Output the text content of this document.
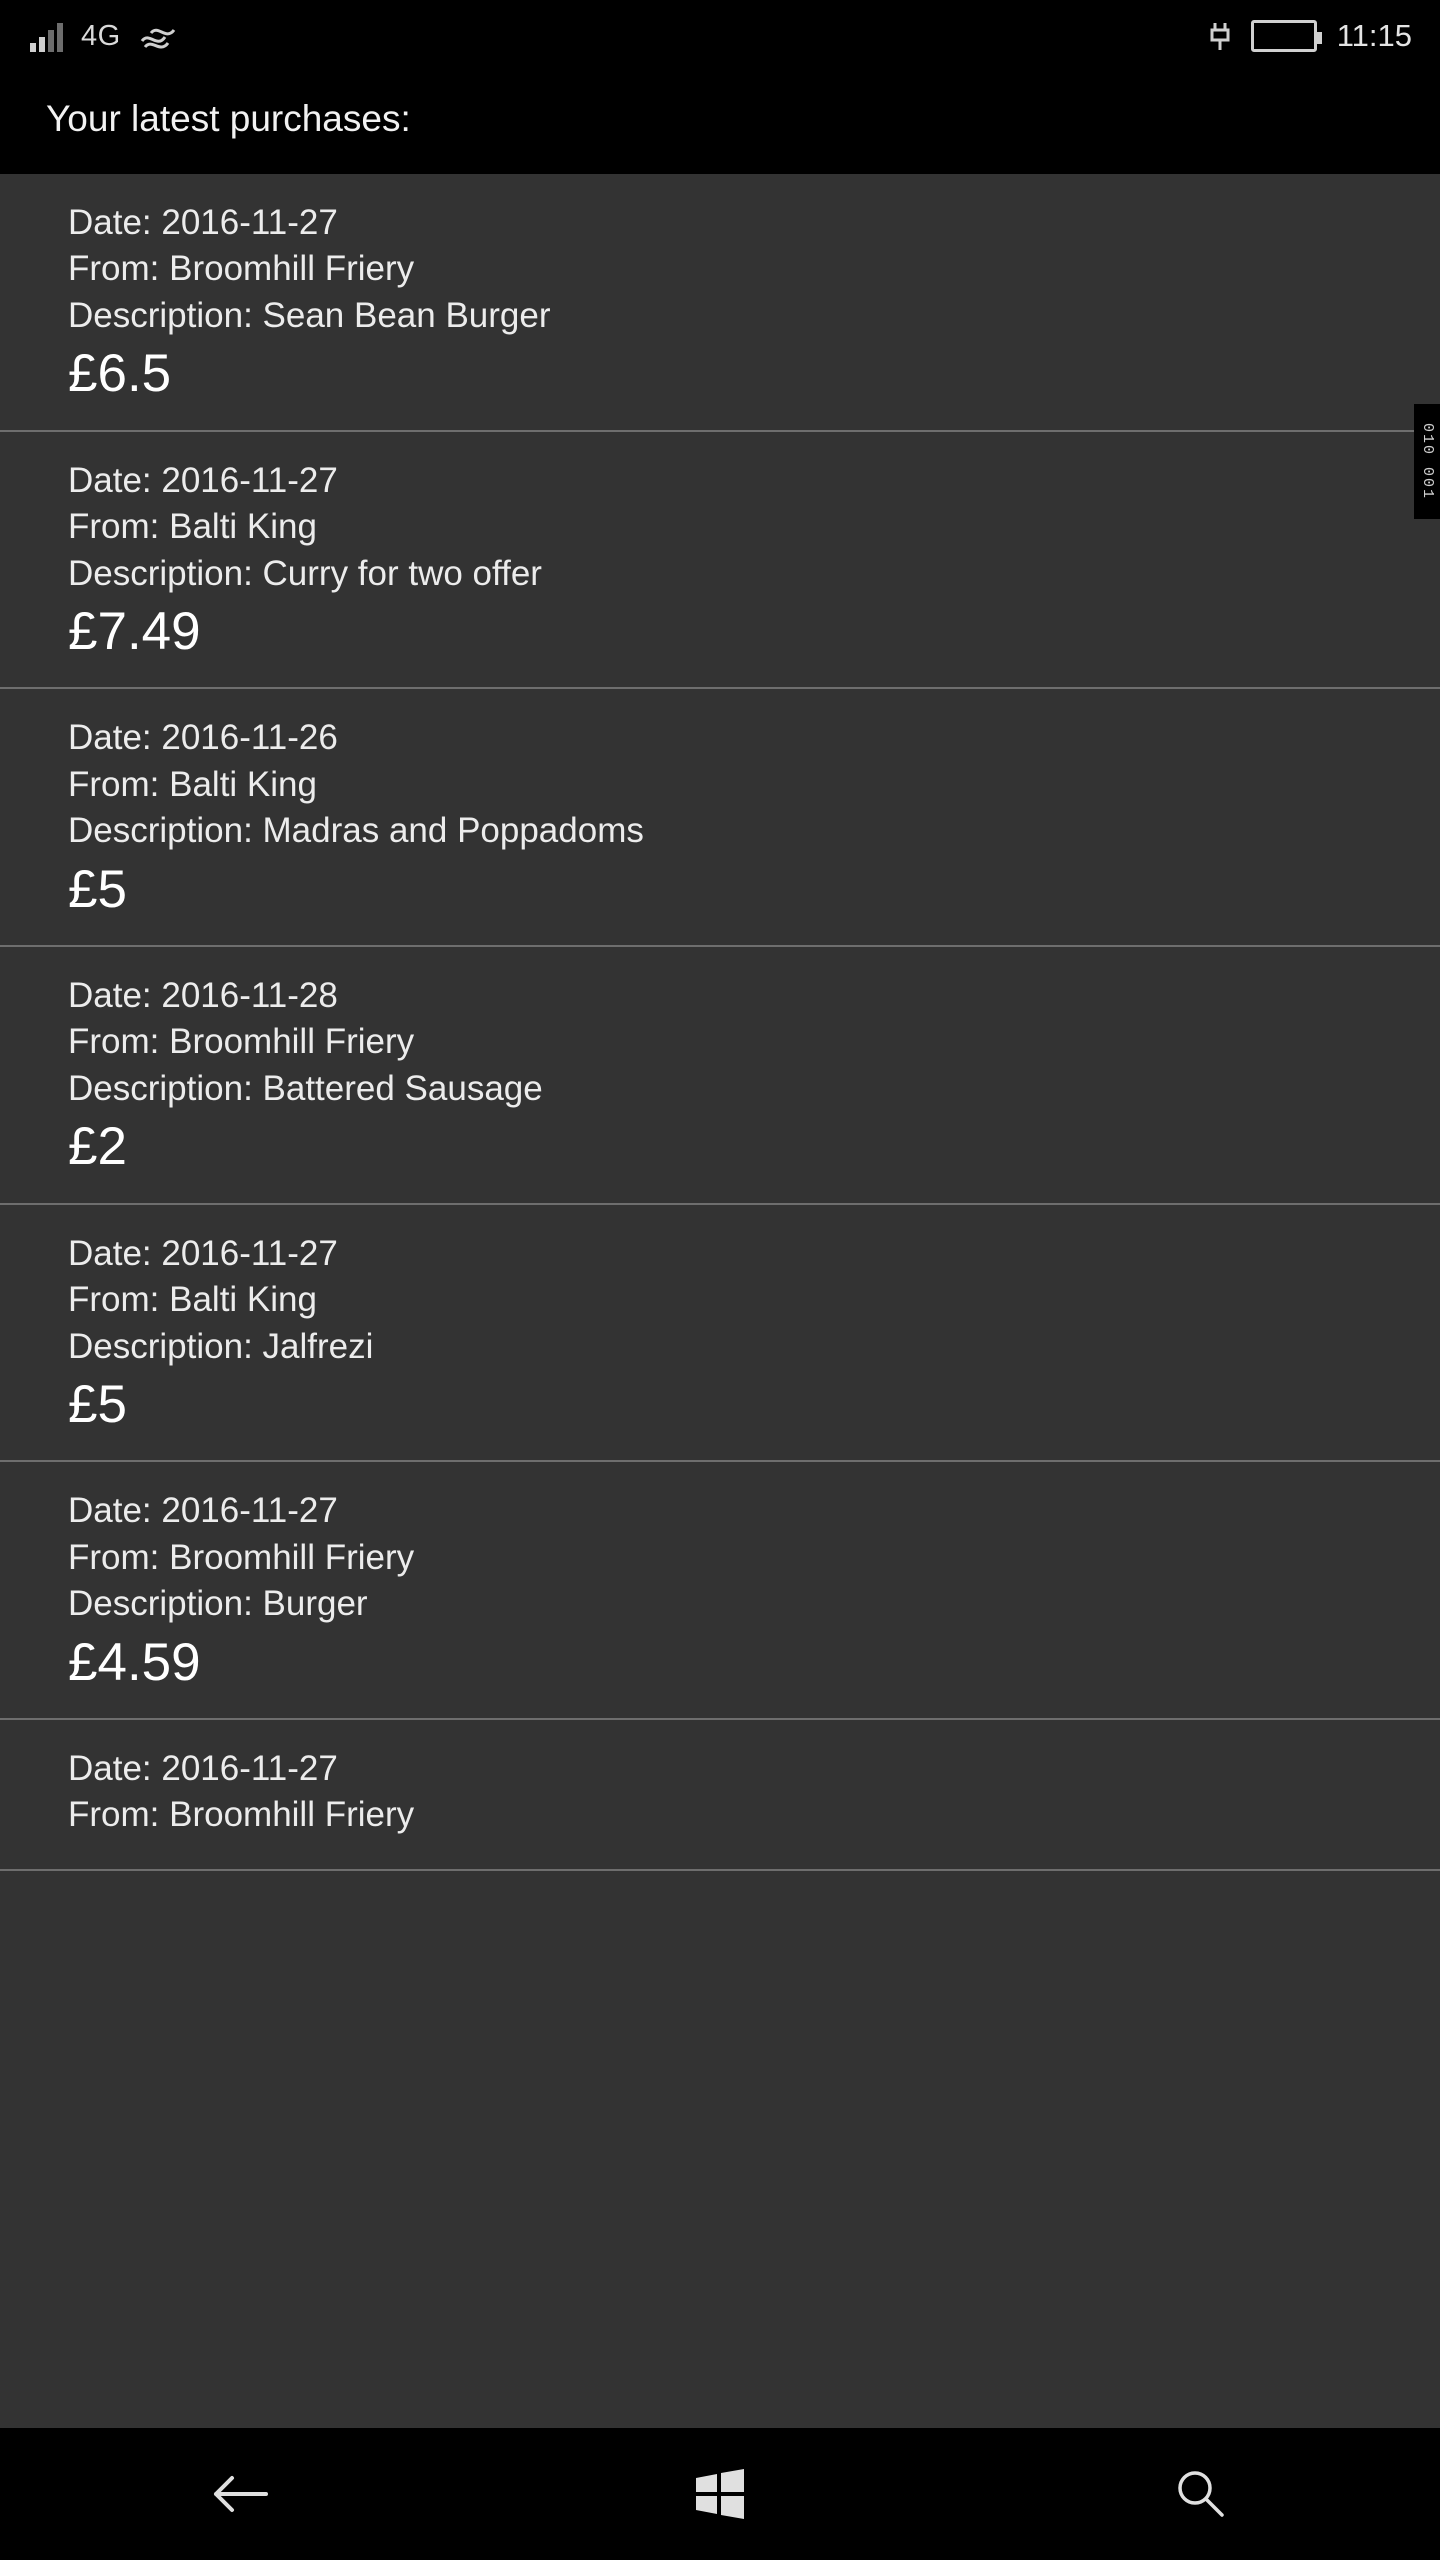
4G	11:15
Your latest purchases:
Date: 2016-11-27
From: Broomhill Friery
Description: Sean Bean Burger
£6.5
Date: 2016-11-27
From: Balti King
Description: Curry for two offer
£7.49
Date: 2016-11-26
From: Balti King
Description: Madras and Poppadoms
£5
Date: 2016-11-28
From: Broomhill Friery
Description: Battered Sausage
£2
Date: 2016-11-27
From: Balti King
Description: Jalfrezi
£5
Date: 2016-11-27
From: Broomhill Friery
Description: Burger
£4.59
Date: 2016-11-27
From: Broomhill Friery
010 001
